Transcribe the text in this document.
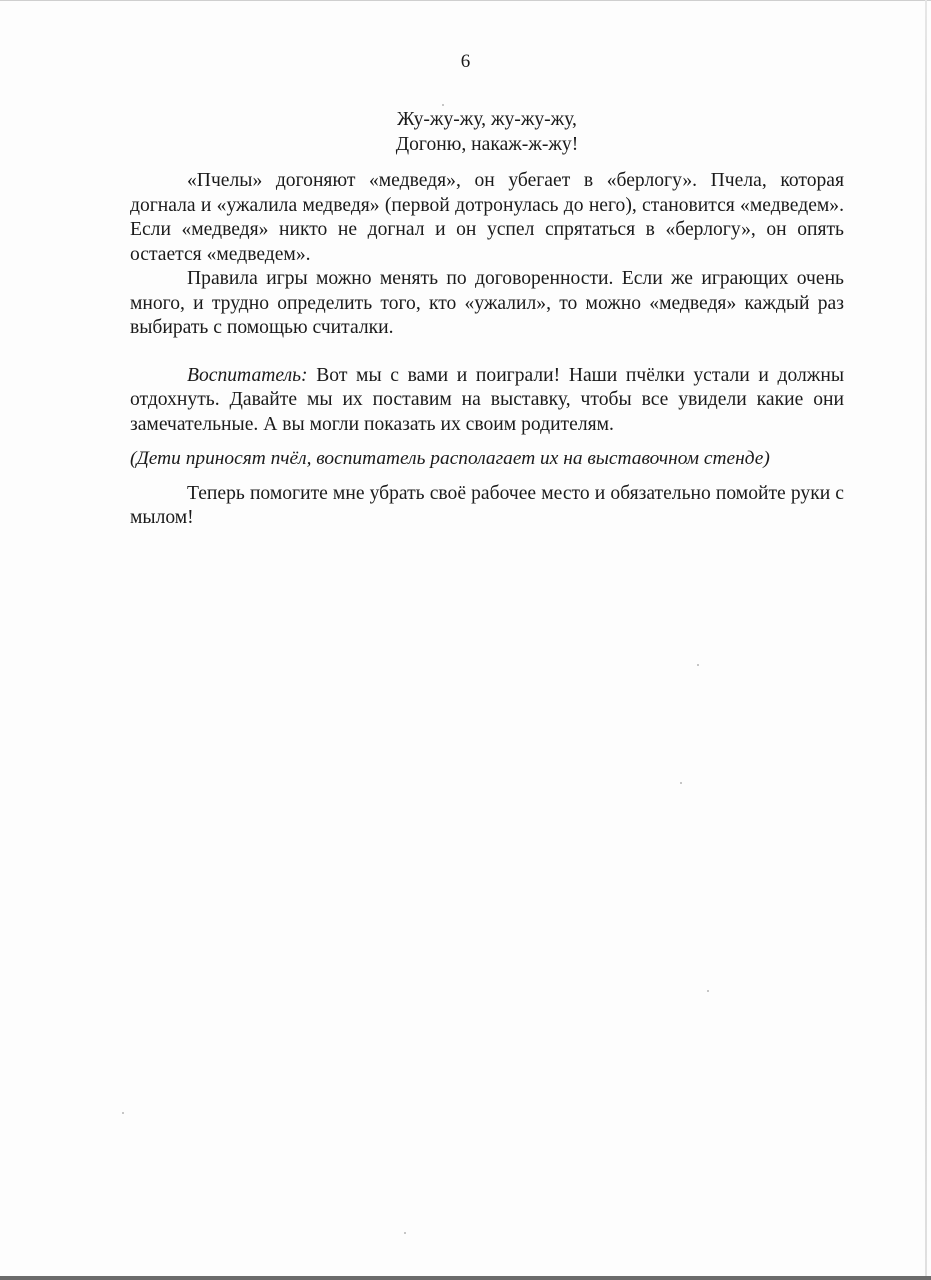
6
Жу-жу-жу, жу-жу-жу,
Догоню, накаж-ж-жу!

«Пчелы» догоняют «медведя», он убегает в «берлогу». Пчела, которая догнала и «ужалила медведя» (первой дотронулась до него), становится «медведем». Если «медведя» никто не догнал и он успел спрятаться в «берлогу», он опять остается «медведем».

Правила игры можно менять по договоренности. Если же играющих очень много, и трудно определить того, кто «ужалил», то можно «медведя» каждый раз выбирать с помощью считалки.

Воспитатель: Вот мы с вами и поиграли! Наши пчёлки устали и должны отдохнуть. Давайте мы их поставим на выставку, чтобы все увидели какие они замечательные. А вы могли показать их своим родителям.

(Дети приносят пчёл, воспитатель располагает их на выставочном стенде)

Теперь помогите мне убрать своё рабочее место и обязательно помойте руки с мылом!
